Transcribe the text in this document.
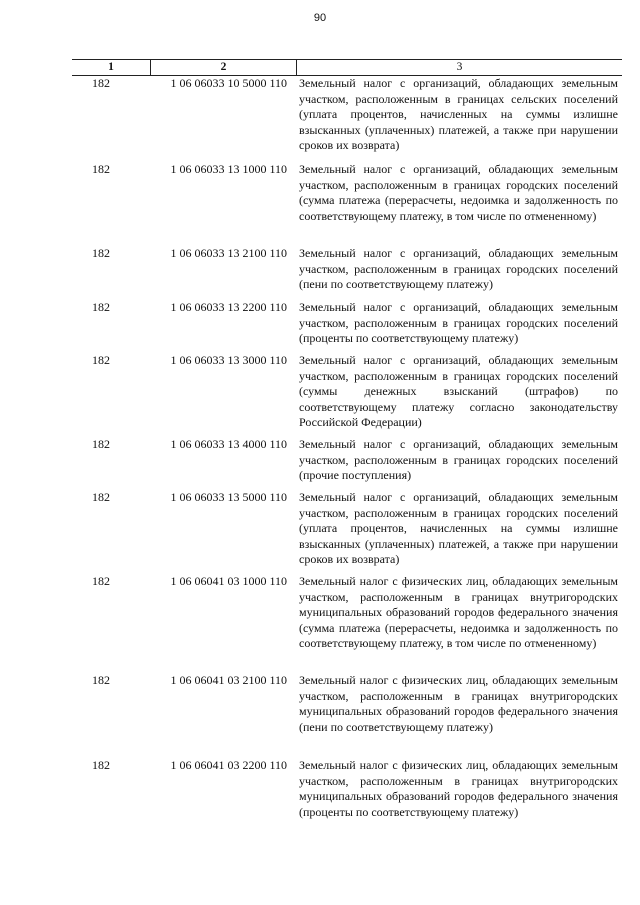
90
1	2	3
182	1 06 06033 10 5000 110	Земельный налог с организаций, обладающих земельным участком, расположенным в границах сельских поселений (уплата процентов, начисленных на суммы излишне взысканных (уплаченных) платежей, а также при нарушении сроков их возврата)
182	1 06 06033 13 1000 110	Земельный налог с организаций, обладающих земельным участком, расположенным в границах городских поселений (сумма платежа (перерасчеты, недоимка и задолженность по соответствующему платежу, в том числе по отмененному)
182	1 06 06033 13 2100 110	Земельный налог с организаций, обладающих земельным участком, расположенным в границах городских поселений (пени по соответствующему платежу)
182	1 06 06033 13 2200 110	Земельный налог с организаций, обладающих земельным участком, расположенным в границах городских поселений (проценты по соответствующему платежу)
182	1 06 06033 13 3000 110	Земельный налог с организаций, обладающих земельным участком, расположенным в границах городских поселений (суммы денежных взысканий (штрафов) по соответствующему платежу согласно законодательству Российской Федерации)
182	1 06 06033 13 4000 110	Земельный налог с организаций, обладающих земельным участком, расположенным в границах городских поселений (прочие поступления)
182	1 06 06033 13 5000 110	Земельный налог с организаций, обладающих земельным участком, расположенным в границах городских поселений (уплата процентов, начисленных на суммы излишне взысканных (уплаченных) платежей, а также при нарушении сроков их возврата)
182	1 06 06041 03 1000 110	Земельный налог с физических лиц, обладающих земельным участком, расположенным в границах внутригородских муниципальных образований городов федерального значения (сумма платежа (перерасчеты, недоимка и задолженность по соответствующему платежу, в том числе по отмененному)
182	1 06 06041 03 2100 110	Земельный налог с физических лиц, обладающих земельным участком, расположенным в границах внутригородских муниципальных образований городов федерального значения (пени по соответствующему платежу)
182	1 06 06041 03 2200 110	Земельный налог с физических лиц, обладающих земельным участком, расположенным в границах внутригородских муниципальных образований городов федерального значения (проценты по соответствующему платежу)
